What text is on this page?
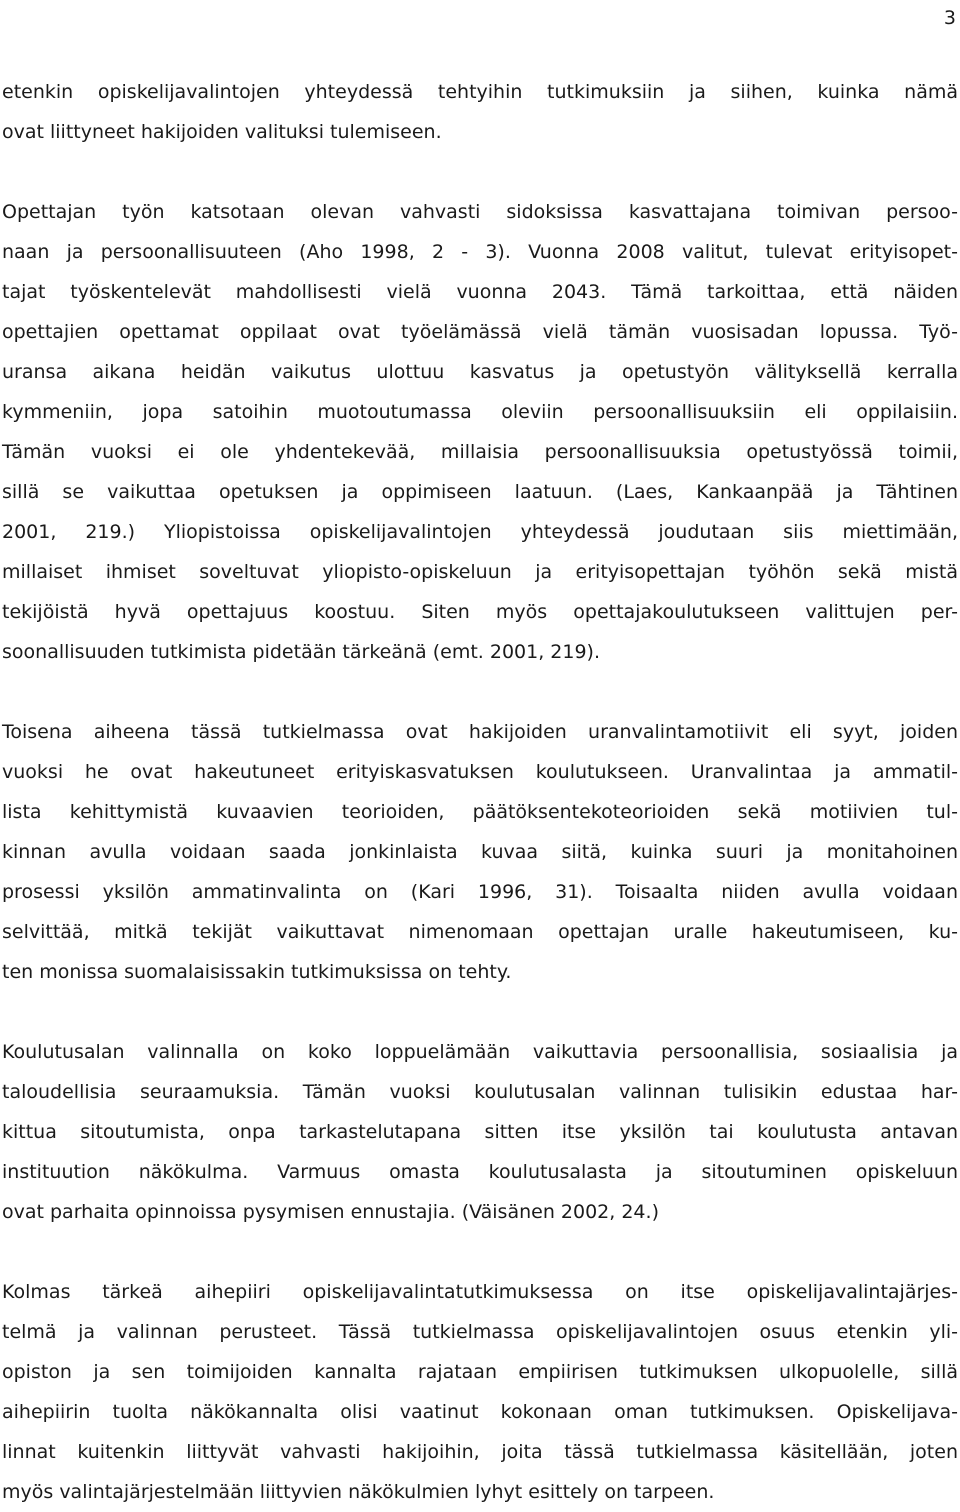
3
etenkin opiskelijavalintojen yhteydessä tehtyihin tutkimuksiin ja siihen, kuinka nämä
ovat liittyneet hakijoiden valituksi tulemiseen.
Opettajan työn katsotaan olevan vahvasti sidoksissa kasvattajana toimivan persoo-
naan ja persoonallisuuteen (Aho 1998, 2 - 3). Vuonna 2008 valitut, tulevat erityisopet-
tajat työskentelevät mahdollisesti vielä vuonna 2043. Tämä tarkoittaa, että näiden
opettajien opettamat oppilaat ovat työelämässä vielä tämän vuosisadan lopussa. Työ-
uransa aikana heidän vaikutus ulottuu kasvatus ja opetustyön välityksellä kerralla
kymmeniin, jopa satoihin muotoutumassa oleviin persoonallisuuksiin eli oppilaisiin.
Tämän vuoksi ei ole yhdentekevää, millaisia persoonallisuuksia opetustyössä toimii,
sillä se vaikuttaa opetuksen ja oppimiseen laatuun. (Laes, Kankaanpää ja Tähtinen
2001, 219.) Yliopistoissa opiskelijavalintojen yhteydessä joudutaan siis miettimään,
millaiset ihmiset soveltuvat yliopisto-opiskeluun ja erityisopettajan työhön sekä mistä
tekijöistä hyvä opettajuus koostuu. Siten myös opettajakoulutukseen valittujen per-
soonallisuuden tutkimista pidetään tärkeänä (emt. 2001, 219).
Toisena aiheena tässä tutkielmassa ovat hakijoiden uranvalintamotiivit eli syyt, joiden
vuoksi he ovat hakeutuneet erityiskasvatuksen koulutukseen. Uranvalintaa ja ammatil-
lista kehittymistä kuvaavien teorioiden, päätöksentekoteorioiden sekä motiivien tul-
kinnan avulla voidaan saada jonkinlaista kuvaa siitä, kuinka suuri ja monitahoinen
prosessi yksilön ammatinvalinta on (Kari 1996, 31). Toisaalta niiden avulla voidaan
selvittää, mitkä tekijät vaikuttavat nimenomaan opettajan uralle hakeutumiseen, ku-
ten monissa suomalaisissakin tutkimuksissa on tehty.
Koulutusalan valinnalla on koko loppuelämään vaikuttavia persoonallisia, sosiaalisia ja
taloudellisia seuraamuksia. Tämän vuoksi koulutusalan valinnan tulisikin edustaa har-
kittua sitoutumista, onpa tarkastelutapana sitten itse yksilön tai koulutusta antavan
instituution näkökulma. Varmuus omasta koulutusalasta ja sitoutuminen opiskeluun
ovat parhaita opinnoissa pysymisen ennustajia. (Väisänen 2002, 24.)
Kolmas tärkeä aihepiiri opiskelijavalintatutkimuksessa on itse opiskelijavalintajärjes-
telmä ja valinnan perusteet. Tässä tutkielmassa opiskelijavalintojen osuus etenkin yli-
opiston ja sen toimijoiden kannalta rajataan empiirisen tutkimuksen ulkopuolelle, sillä
aihepiirin tuolta näkökannalta olisi vaatinut kokonaan oman tutkimuksen. Opiskelijava-
linnat kuitenkin liittyvät vahvasti hakijoihin, joita tässä tutkielmassa käsitellään, joten
myös valintajärjestelmään liittyvien näkökulmien lyhyt esittely on tarpeen.
